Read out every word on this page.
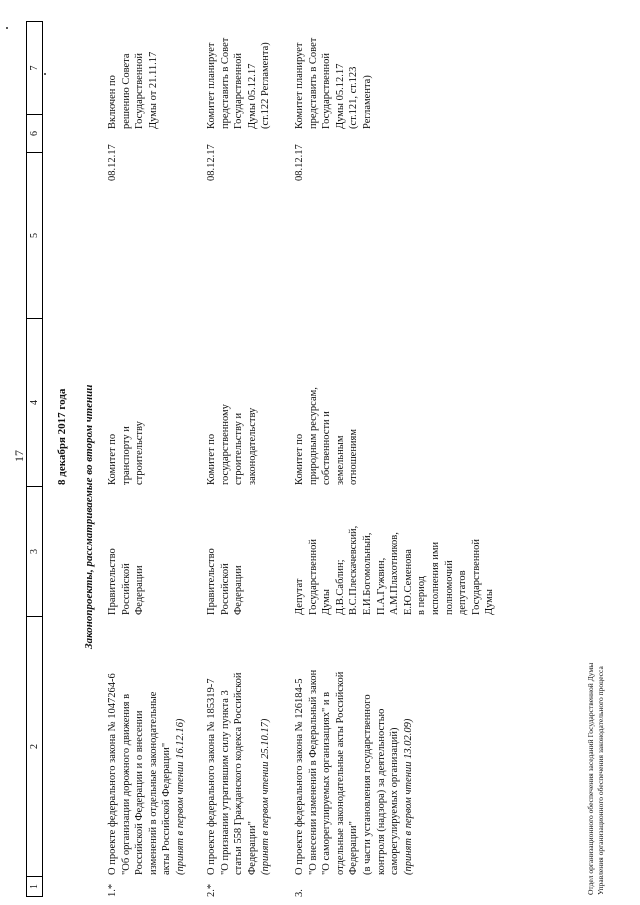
17
1
2
3
4
5
6
7
8 декабря 2017 года Законопроекты, рассматриваемые во втором чтении
1.*
О проекте федерального закона № 1047264-6
"Об организации дорожного движения в
Российской Федерации и о внесении
изменений в отдельные законодательные
акты Российской Федерации" (принят в первом чтении 16.12.16)
Правительство
Российской
Федерации
Комитет по
транспорту и
строительству
08.12.17
Включен по
решению Совета
Государственной
Думы от 21.11.17
2.*
О проекте федерального закона № 185319-7
"О признании утратившим силу пункта 3
статьи 558 Гражданского кодекса Российской
Федерации" (принят в первом чтении 25.10.17)
Правительство
Российской
Федерации
Комитет по
государственному
строительству и
законодательству
08.12.17
Комитет планирует
представить в Совет
Государственной
Думы 05.12.17
(ст.122 Регламента)
3.
О проекте федерального закона № 126184-5
"О внесении изменений в Федеральный закон
"О саморегулируемых организациях" и в
отдельные законодательные акты Российской
Федерации"
(в части установления государственного
контроля (надзора) за деятельностью
саморегулируемых организаций) (принят в первом чтении 13.02.09)
Депутат
Государственной
Думы
Д.В.Саблин;
В.С.Плескачевский,
Е.И.Богомольный,
П.А.Гужвин,
А.М.Плахотников,
Е.Ю.Семенова
в период
исполнения ими
полномочий
депутатов
Государственной
Думы
Комитет по
природным ресурсам,
собственности и
земельным
отношениям
08.12.17
Комитет планирует
представить в Совет
Государственной
Думы 05.12.17
(ст.121, ст.123
Регламента)
Отдел организационного обеспечения заседаний Государственной Думы Управления организационного обеспечения законодательного процесса
